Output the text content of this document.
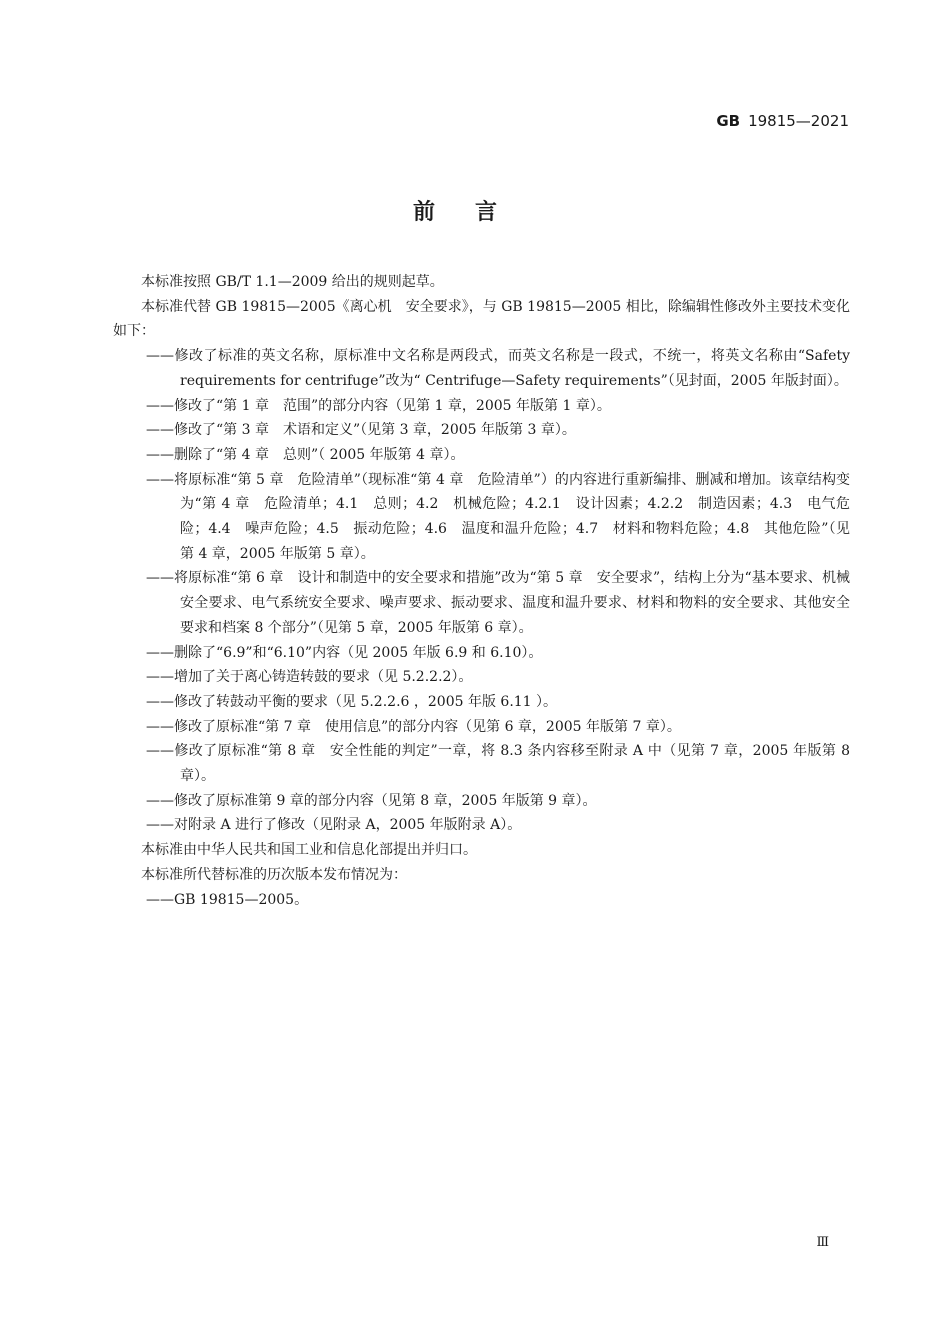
GB 19815—2021
前言

本标准按照 GB/T 1.1—2009 给出的规则起草。

本标准代替 GB 19815—2005《离心机　安全要求》，与 GB 19815—2005 相比，除编辑性修改外主要技术变化如下：

——修改了标准的英文名称，原标准中文名称是两段式，而英文名称是一段式，不统一，将英文名称由“Safety requirements for centrifuge”改为“ Centrifuge—Safety requirements”（见封面，2005 年版封面）。

——修改了“第 1 章　范围”的部分内容（见第 1 章，2005 年版第 1 章）。

——修改了“第 3 章　术语和定义”（见第 3 章，2005 年版第 3 章）。

——删除了“第 4 章　总则”（ 2005 年版第 4 章）。

——将原标准“第 5 章　危险清单”（现标准“第 4 章　危险清单”）的内容进行重新编排、删减和增加。该章结构变为“第 4 章　危险清单；4.1　总则；4.2　机械危险；4.2.1　设计因素；4.2.2　制造因素；4.3　电气危险；4.4　噪声危险；4.5　振动危险；4.6　温度和温升危险；4.7　材料和物料危险；4.8　其他危险”（见第 4 章，2005 年版第 5 章）。

——将原标准“第 6 章　设计和制造中的安全要求和措施”改为“第 5 章　安全要求”，结构上分为“基本要求、机械安全要求、电气系统安全要求、噪声要求、振动要求、温度和温升要求、材料和物料的安全要求、其他安全要求和档案 8 个部分”（见第 5 章，2005 年版第 6 章）。

——删除了“6.9”和“6.10”内容（见 2005 年版 6.9 和 6.10）。

——增加了关于离心铸造转鼓的要求（见 5.2.2.2）。

——修改了转鼓动平衡的要求（见 5.2.2.6 ，2005 年版 6.11 ）。

——修改了原标准“第 7 章　使用信息”的部分内容（见第 6 章，2005 年版第 7 章）。

——修改了原标准“第 8 章　安全性能的判定”一章，将 8.3 条内容移至附录 A 中（见第 7 章，2005 年版第 8 章）。

——修改了原标准第 9 章的部分内容（见第 8 章，2005 年版第 9 章）。

——对附录 A 进行了修改（见附录 A，2005 年版附录 A）。

本标准由中华人民共和国工业和信息化部提出并归口。

本标准所代替标准的历次版本发布情况为：

——GB 19815—2005。

Ⅲ
